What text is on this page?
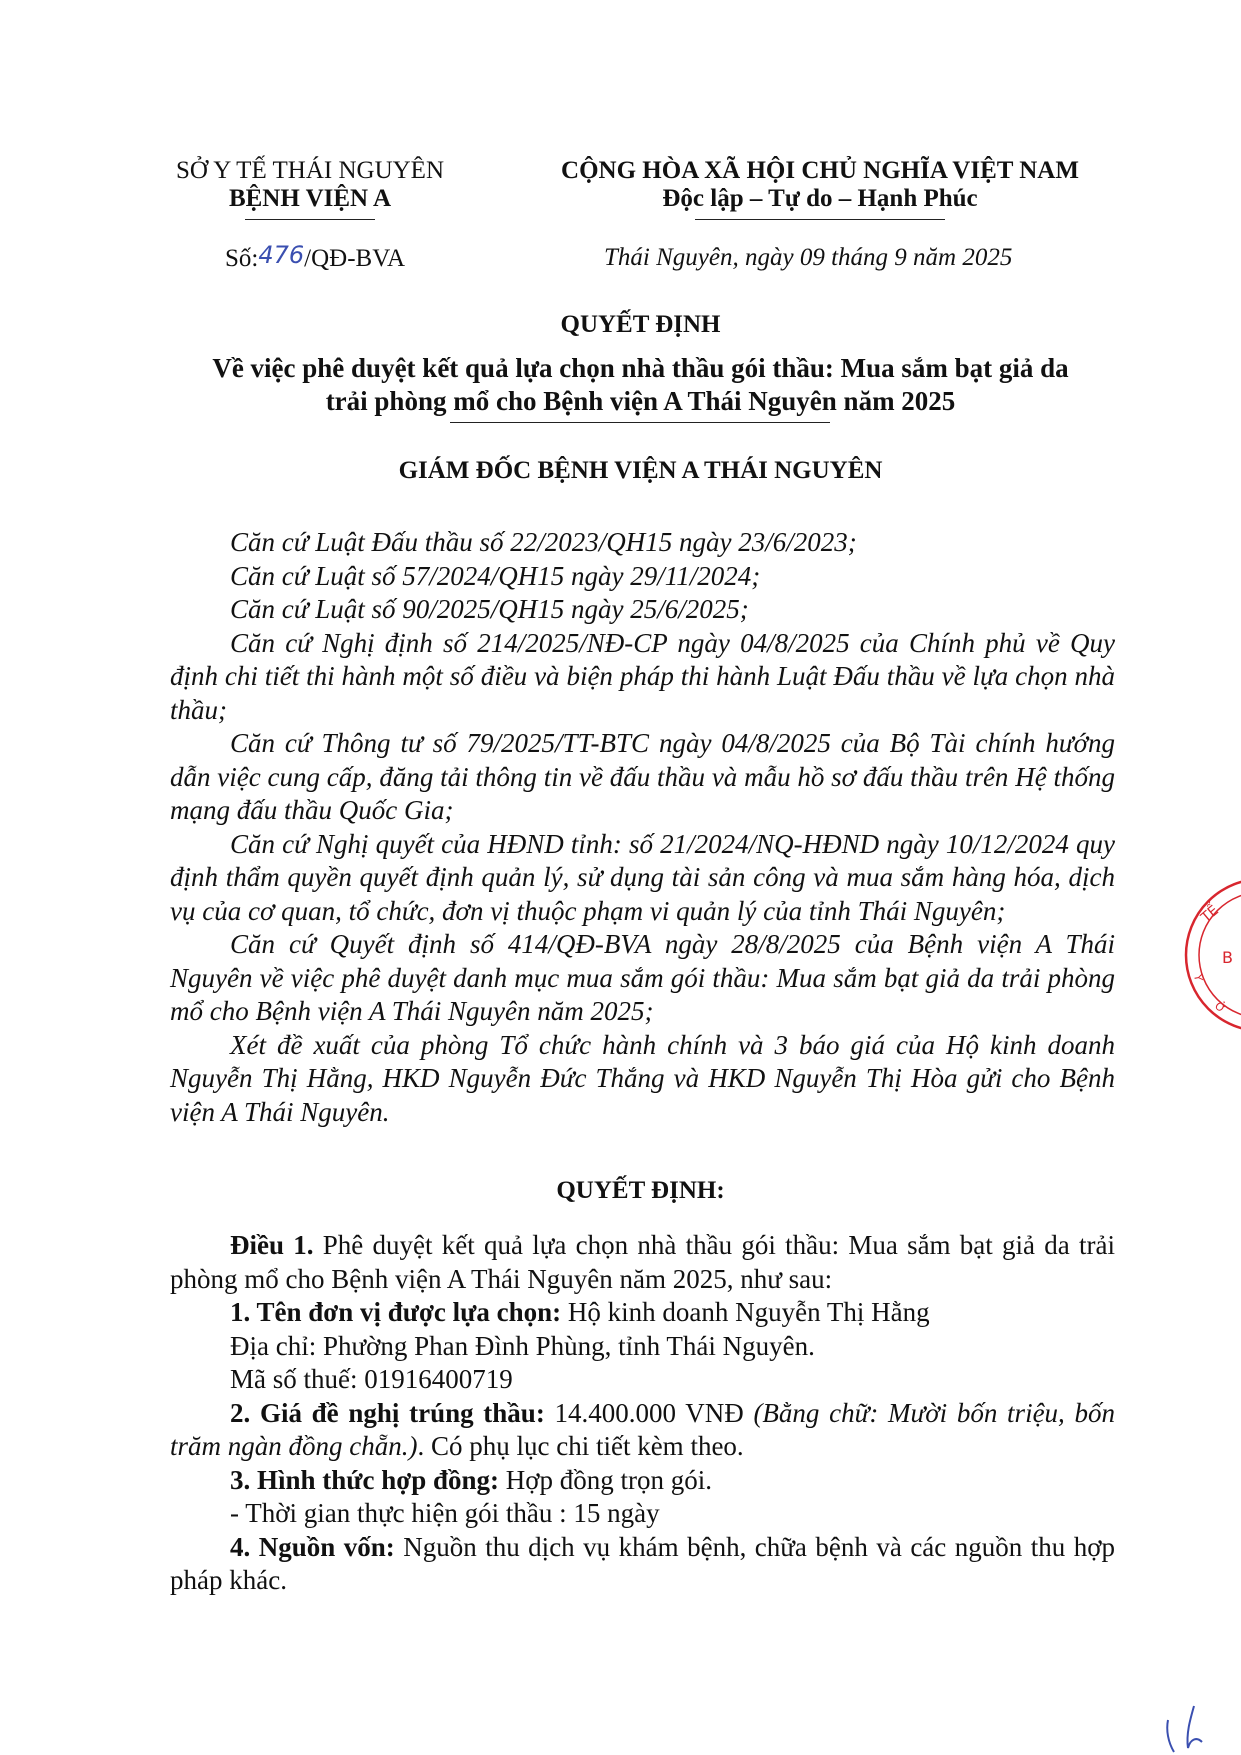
SỞ Y TẾ THÁI NGUYÊN
BỆNH VIỆN A
Số:476/QĐ-BVA
CỘNG HÒA XÃ HỘI CHỦ NGHĨA VIỆT NAM
Độc lập – Tự do – Hạnh Phúc
Thái Nguyên, ngày 09 tháng 9 năm 2025
QUYẾT ĐỊNH
Về việc phê duyệt kết quả lựa chọn nhà thầu gói thầu: Mua sắm bạt giả da
trải phòng mổ cho Bệnh viện A Thái Nguyên năm 2025
GIÁM ĐỐC BỆNH VIỆN A THÁI NGUYÊN

Căn cứ Luật Đấu thầu số 22/2023/QH15 ngày 23/6/2023;

Căn cứ Luật số 57/2024/QH15 ngày 29/11/2024;

Căn cứ Luật số 90/2025/QH15 ngày 25/6/2025;

Căn cứ Nghị định số 214/2025/NĐ-CP ngày 04/8/2025 của Chính phủ về Quy định chi tiết thi hành một số điều và biện pháp thi hành Luật Đấu thầu về lựa chọn nhà thầu;

Căn cứ Thông tư số 79/2025/TT-BTC ngày 04/8/2025 của Bộ Tài chính hướng dẫn việc cung cấp, đăng tải thông tin về đấu thầu và mẫu hồ sơ đấu thầu trên Hệ thống mạng đấu thầu Quốc Gia;

Căn cứ Nghị quyết của HĐND tỉnh: số 21/2024/NQ-HĐND ngày 10/12/2024 quy định thẩm quyền quyết định quản lý, sử dụng tài sản công và mua sắm hàng hóa, dịch vụ của cơ quan, tổ chức, đơn vị thuộc phạm vi quản lý của tỉnh Thái Nguyên;

Căn cứ Quyết định số 414/QĐ-BVA ngày 28/8/2025 của Bệnh viện A Thái Nguyên về việc phê duyệt danh mục mua sắm gói thầu: Mua sắm bạt giả da trải phòng mổ cho Bệnh viện A Thái Nguyên năm 2025;

Xét đề xuất của phòng Tổ chức hành chính và 3 báo giá của Hộ kinh doanh Nguyễn Thị Hằng, HKD Nguyễn Đức Thắng và HKD Nguyễn Thị Hòa gửi cho Bệnh viện A Thái Nguyên.

QUYẾT ĐỊNH:

Điều 1. Phê duyệt kết quả lựa chọn nhà thầu gói thầu: Mua sắm bạt giả da trải phòng mổ cho Bệnh viện A Thái Nguyên năm 2025, như sau:

1. Tên đơn vị được lựa chọn: Hộ kinh doanh Nguyễn Thị Hằng

Địa chỉ: Phường Phan Đình Phùng, tỉnh Thái Nguyên.

Mã số thuế: 01916400719

2. Giá đề nghị trúng thầu: 14.400.000 VNĐ (Bằng chữ: Mười bốn triệu, bốn trăm ngàn đồng chẵn.). Có phụ lục chi tiết kèm theo.

3. Hình thức hợp đồng: Hợp đồng trọn gói.

- Thời gian thực hiện gói thầu : 15 ngày

4. Nguồn vốn: Nguồn thu dịch vụ khám bệnh, chữa bệnh và các nguồn thu hợp pháp khác.

TẾ
B
Y
Ở
